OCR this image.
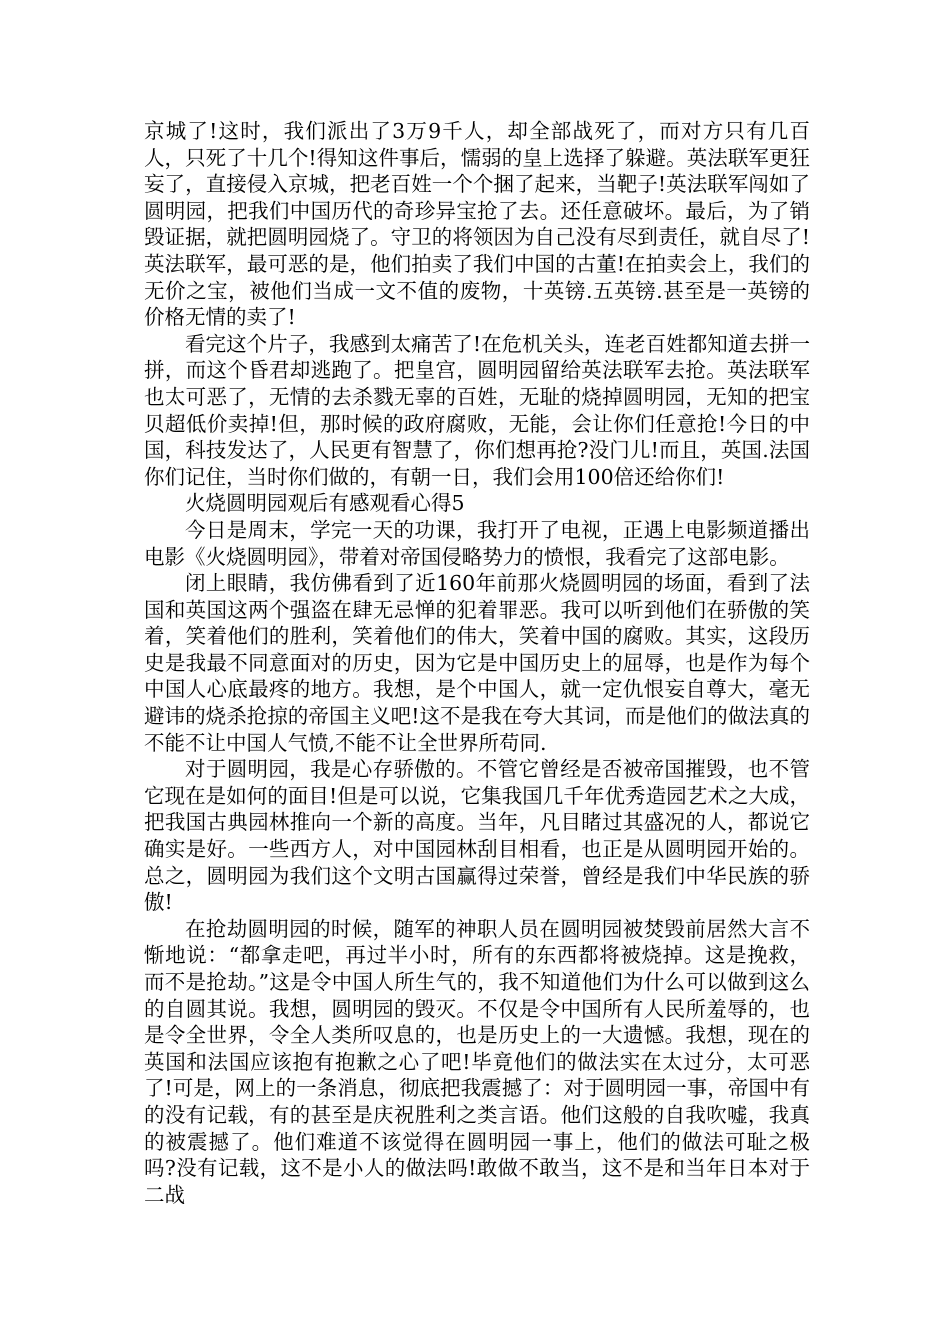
京城了!这时，我们派出了3万9千人，却全部战死了，而对方只有几百人，只死了十几个!得知这件事后，懦弱的皇上选择了躲避。英法联军更狂妄了，直接侵入京城，把老百姓一个个捆了起来，当靶子!英法联军闯如了圆明园，把我们中国历代的奇珍异宝抢了去。还任意破坏。最后，为了销毁证据，就把圆明园烧了。守卫的将领因为自己没有尽到责任，就自尽了!英法联军，最可恶的是，他们拍卖了我们中国的古董!在拍卖会上，我们的无价之宝，被他们当成一文不值的废物，十英镑.五英镑.甚至是一英镑的价格无情的卖了!

看完这个片子，我感到太痛苦了!在危机关头，连老百姓都知道去拼一拼，而这个昏君却逃跑了。把皇宫，圆明园留给英法联军去抢。英法联军也太可恶了，无情的去杀戮无辜的百姓，无耻的烧掉圆明园，无知的把宝贝超低价卖掉!但，那时候的政府腐败，无能，会让你们任意抢!今日的中国，科技发达了，人民更有智慧了，你们想再抢?没门儿!而且，英国.法国你们记住，当时你们做的，有朝一日，我们会用100倍还给你们!

火烧圆明园观后有感观看心得5

今日是周末，学完一天的功课，我打开了电视，正遇上电影频道播出电影《火烧圆明园》，带着对帝国侵略势力的愤恨，我看完了这部电影。

闭上眼睛，我仿佛看到了近160年前那火烧圆明园的场面，看到了法国和英国这两个强盗在肆无忌惮的犯着罪恶。我可以听到他们在骄傲的笑着，笑着他们的胜利，笑着他们的伟大，笑着中国的腐败。其实，这段历史是我最不同意面对的历史，因为它是中国历史上的屈辱，也是作为每个中国人心底最疼的地方。我想，是个中国人，就一定仇恨妄自尊大，毫无避讳的烧杀抢掠的帝国主义吧!这不是我在夸大其词，而是他们的做法真的不能不让中国人气愤,不能不让全世界所苟同.

对于圆明园，我是心存骄傲的。不管它曾经是否被帝国摧毁，也不管它现在是如何的面目!但是可以说，它集我国几千年优秀造园艺术之大成，把我国古典园林推向一个新的高度。当年，凡目睹过其盛况的人，都说它确实是好。一些西方人，对中国园林刮目相看，也正是从圆明园开始的。总之，圆明园为我们这个文明古国赢得过荣誉，曾经是我们中华民族的骄傲!

在抢劫圆明园的时候，随军的神职人员在圆明园被焚毁前居然大言不惭地说：“都拿走吧，再过半小时，所有的东西都将被烧掉。这是挽救，而不是抢劫。”这是令中国人所生气的，我不知道他们为什么可以做到这么的自圆其说。我想，圆明园的毁灭。不仅是令中国所有人民所羞辱的，也是令全世界，令全人类所叹息的，也是历史上的一大遗憾。我想，现在的英国和法国应该抱有抱歉之心了吧!毕竟他们的做法实在太过分，太可恶了!可是，网上的一条消息，彻底把我震撼了：对于圆明园一事，帝国中有的没有记载，有的甚至是庆祝胜利之类言语。他们这般的自我吹嘘，我真的被震撼了。他们难道不该觉得在圆明园一事上，他们的做法可耻之极吗?没有记载，这不是小人的做法吗!敢做不敢当，这不是和当年日本对于二战
